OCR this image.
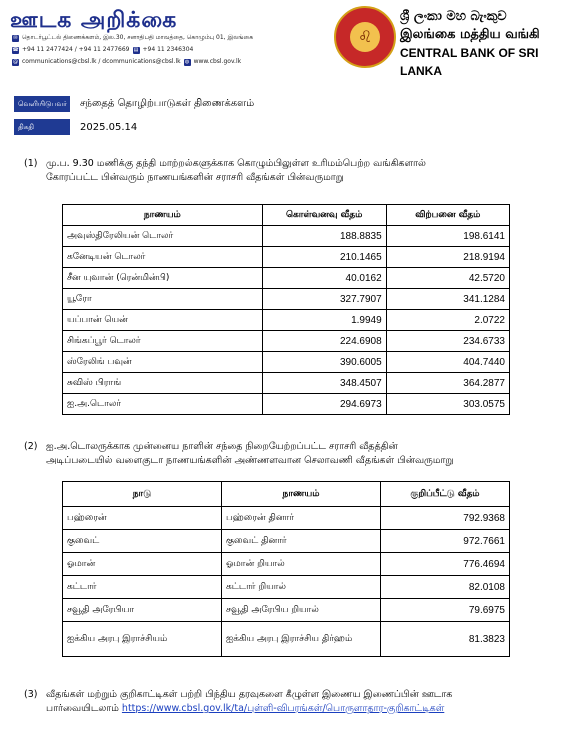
ஊடக அறிக்கை
✉ தொடர்பூட்டல் திணைக்களம், இல.30, சனாதிபதி மாவத்தை, கொழும்பு 01, இலங்கை
☎ +94 11 2477424 / +94 11 2477669 ▤ +94 11 2346304
@ communications@cbsl.lk / dcommunications@cbsl.lk ◍ www.cbsl.gov.lk
♌
ශ්‍රී ලංකා මහ බැංකුව
இலங்கை மத்திய வங்கி
CENTRAL BANK OF SRI LANKA
வெளியிடுபவர்	சந்தைத் தொழிற்பாடுகள் திணைக்களம்
திகதி	2025.05.14
(1) மு.ப. 9.30 மணிக்கு தந்தி மாற்றல்களுக்காக கொழும்பிலுள்ள உரிமம்பெற்ற வங்கிகளால்
கோரப்பட்ட பின்வரும் நாணயங்களின் சராசரி வீதங்கள் பின்வருமாறு
நாணயம்	கொள்வனவு வீதம்	விற்பனை வீதம்
அவுஸ்திரேலியன் டொலர்	188.8835	198.6141
கனேடியன் டொலர்	210.1465	218.9194
சீன யுவான் (ரென்மின்பி)	40.0162	42.5720
யூரோ	327.7907	341.1284
யப்பான் யென்	1.9949	2.0722
சிங்கப்பூர் டொலர்	224.6908	234.6733
ஸ்ரேலிங் பவுன்	390.6005	404.7440
சுவிஸ் பிராங்	348.4507	364.2877
ஐ.அ.டொலர்	294.6973	303.0575
(2) ஐ.அ.டொலருக்காக முன்னைய நாளின் சந்தை நிறையேற்றப்பட்ட சராசரி வீதத்தின்
அடிப்படையில் வளைகுடா நாணயங்களின் அண்ணளவான செலாவணி வீதங்கள் பின்வருமாறு
நாடு	நாணயம்	குறிப்பீட்டு வீதம்
பஹ்ரைன்	பஹ்ரைன் தினார்	792.9368
குவைட்	குவைட் தினார்	972.7661
ஓமான்	ஓமான் றியால்	776.4694
கட்டார்	கட்டார் றியால்	82.0108
சவூதி அரேபியா	சவூதி அரேபிய றியால்	79.6975
ஐக்கிய அரபு இராச்சியம்	ஐக்கிய அரபு இராச்சிய திர்ஹம்	81.3823
(3) வீதங்கள் மற்றும் குறிகாட்டிகள் பற்றி பிந்திய தரவுகளை கீழுள்ள இணைய இணைப்பின் ஊடாக
பார்வையிடலாம் https://www.cbsl.gov.lk/ta/புள்ளி-விபரங்கள்/பொருளாதார-குறிகாட்டிகள்
